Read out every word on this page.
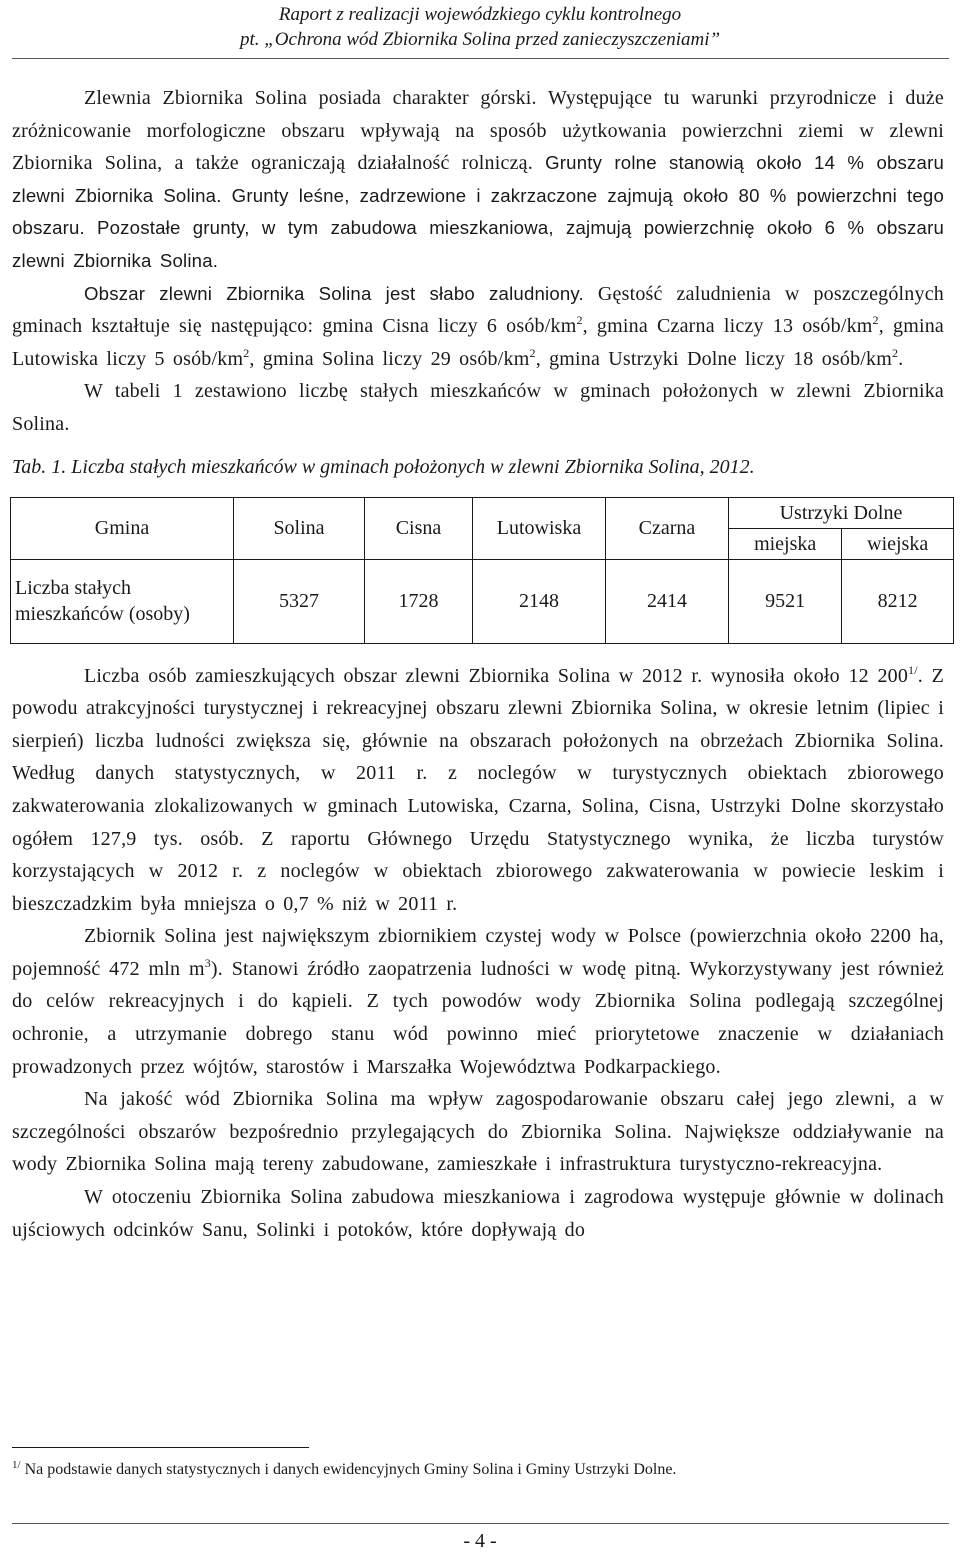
Raport z realizacji wojewódzkiego cyklu kontrolnego
pt. „Ochrona wód Zbiornika Solina przed zanieczyszczeniami”

Zlewnia Zbiornika Solina posiada charakter górski. Występujące tu warunki przyrodnicze i duże zróżnicowanie morfologiczne obszaru wpływają na sposób użytkowania powierzchni ziemi w zlewni Zbiornika Solina, a także ograniczają działalność rolniczą. Grunty rolne stanowią około 14 % obszaru zlewni Zbiornika Solina. Grunty leśne, zadrzewione i zakrzaczone zajmują około 80 % powierzchni tego obszaru. Pozostałe grunty, w tym zabudowa mieszkaniowa, zajmują powierzchnię około 6 % obszaru zlewni Zbiornika Solina.

Obszar zlewni Zbiornika Solina jest słabo zaludniony. Gęstość zaludnienia w poszczególnych gminach kształtuje się następująco: gmina Cisna liczy 6 osób/$km^2$, gmina Czarna liczy 13 osób/$km^2$, gmina Lutowiska liczy 5 osób/$km^2$, gmina Solina liczy 29 osób/$km^2$, gmina Ustrzyki Dolne liczy 18 osób/$km^2$.

W tabeli 1 zestawiono liczbę stałych mieszkańców w gminach położonych w zlewni Zbiornika Solina.

Tab. 1. Liczba stałych mieszkańców w gminach położonych w zlewni Zbiornika Solina, 2012.
Gmina	Solina	Cisna	Lutowiska	Czarna	Ustrzyki Dolne	
					miejska	wiejska
Liczba stałych mieszkańców (osoby)	5327	1728	2148	2414	9521	8212

Liczba osób zamieszkujących obszar zlewni Zbiornika Solina w 2012 r. wynosiła około 12 $200^{1/}$. Z powodu atrakcyjności turystycznej i rekreacyjnej obszaru zlewni Zbiornika Solina, w okresie letnim (lipiec i sierpień) liczba ludności zwiększa się, głównie na obszarach położonych na obrzeżach Zbiornika Solina. Według danych statystycznych, w 2011 r. z noclegów w turystycznych obiektach zbiorowego zakwaterowania zlokalizowanych w gminach Lutowiska, Czarna, Solina, Cisna, Ustrzyki Dolne skorzystało ogółem 127,9 tys. osób. Z raportu Głównego Urzędu Statystycznego wynika, że liczba turystów korzystających w 2012 r. z noclegów w obiektach zbiorowego zakwaterowania w powiecie leskim i bieszczadzkim była mniejsza o 0,7 % niż w 2011 r.

Zbiornik Solina jest największym zbiornikiem czystej wody w Polsce (powierzchnia około 2200 ha, pojemność 472 mln $m^3$). Stanowi źródło zaopatrzenia ludności w wodę pitną. Wykorzystywany jest również do celów rekreacyjnych i do kąpieli. Z tych powodów wody Zbiornika Solina podlegają szczególnej ochronie, a utrzymanie dobrego stanu wód powinno mieć priorytetowe znaczenie w działaniach prowadzonych przez wójtów, starostów i Marszałka Województwa Podkarpackiego.

Na jakość wód Zbiornika Solina ma wpływ zagospodarowanie obszaru całej jego zlewni, a w szczególności obszarów bezpośrednio przylegających do Zbiornika Solina. Największe oddziaływanie na wody Zbiornika Solina mają tereny zabudowane, zamieszkałe i infrastruktura turystyczno-rekreacyjna.

W otoczeniu Zbiornika Solina zabudowa mieszkaniowa i zagrodowa występuje głównie w dolinach ujściowych odcinków Sanu, Solinki i potoków, które dopływają do

$^{1/}$ Na podstawie danych statystycznych i danych ewidencyjnych Gminy Solina i Gminy Ustrzyki Dolne.
- 4 -
